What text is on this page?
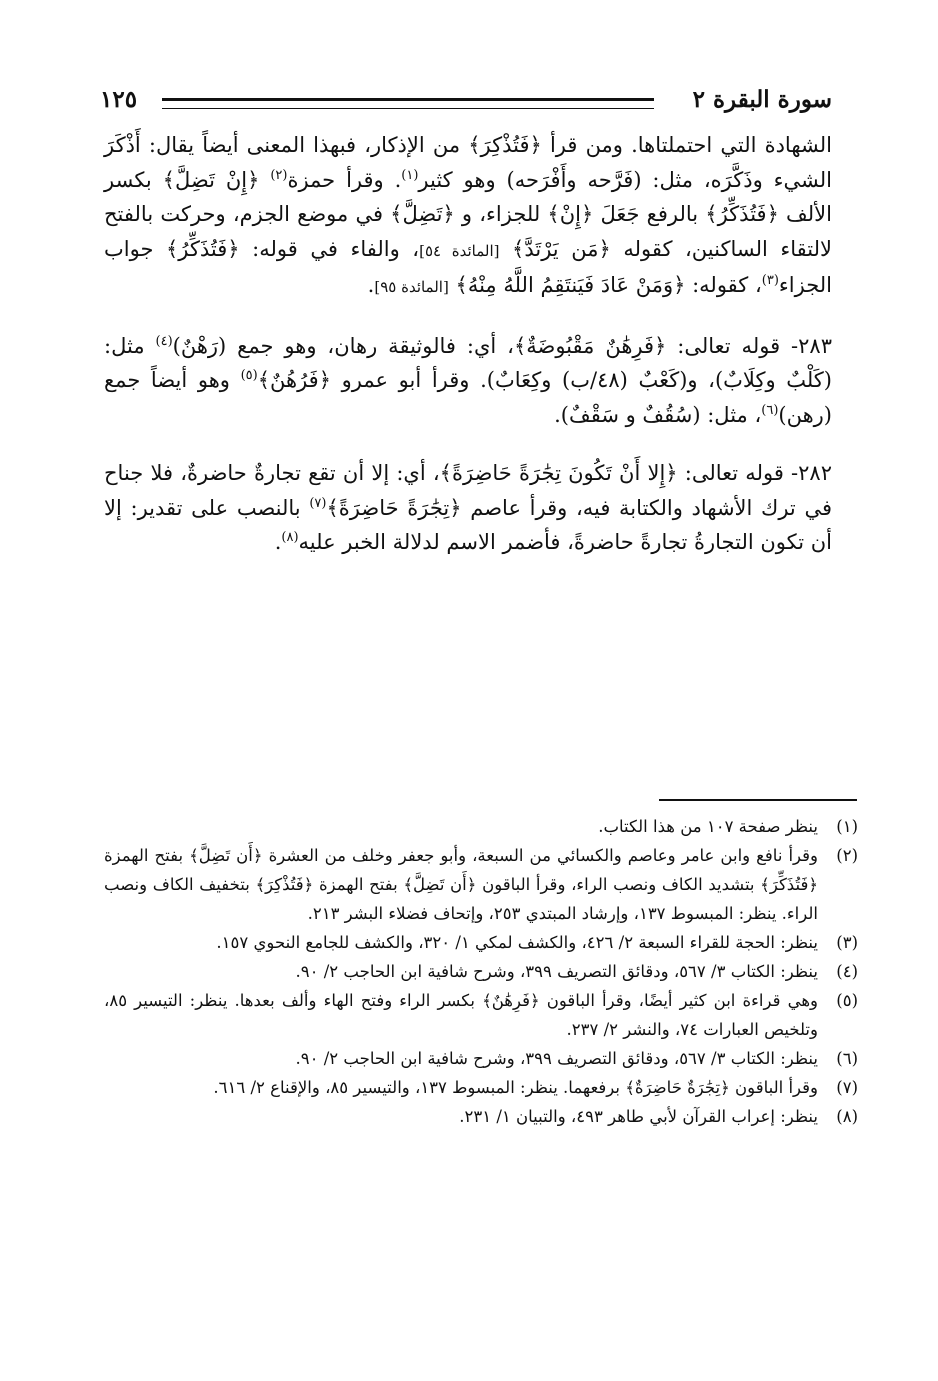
سورة البقرة ٢
١٢٥

الشهادة التي احتملتاها. ومن قرأ ﴿فَتُذْكِرَ﴾ من الإذكار، فبهذا المعنى أيضاً يقال: أَذْكَرَ الشيء وذَكَّرَه، مثل: (فَرَّحه وأَفْرَحه) وهو كثير$^{(١)}$. وقرأ حمزة$^{(٢)}$ ﴿إِنْ تَضِلَّ﴾ بكسر الألف ﴿فَتُذَكِّرُ﴾ بالرفع جَعَلَ ﴿إِنْ﴾ للجزاء، و ﴿تَضِلَّ﴾ في موضع الجزم، وحركت بالفتح لالتقاء الساكنين، كقوله ﴿مَن يَرْتَدَّ﴾ [المائدة ٥٤]، والفاء في قوله: ﴿فَتُذَكِّرُ﴾ جواب الجزاء$^{(٣)}$، كقوله: ﴿وَمَنْ عَادَ فَيَنتَقِمُ اللَّهُ مِنْهُ﴾ [المائدة ٩٥].

٢٨٣- قوله تعالى: ﴿فَرِهَٰنٌ مَقْبُوضَةٌ﴾، أي: فالوثيقة رهان، وهو جمع (رَهْنٌ)$^{(٤)}$ مثل: (كَلْبٌ وكِلَابٌ)، و(كَعْبٌ (٤٨/ب) وكِعَابٌ). وقرأ أبو عمرو ﴿فَرُهُنٌ﴾$^{(٥)}$ وهو أيضاً جمع (رهن)$^{(٦)}$، مثل: (سُقُفٌ و سَقْفٌ).

٢٨٢- قوله تعالى: ﴿إِلا أَنْ تَكُونَ تِجَٰرَةً حَاضِرَةً﴾، أي: إلا أن تقع تجارةٌ حاضرةٌ، فلا جناح في ترك الأشهاد والكتابة فيه، وقرأ عاصم ﴿تِجَٰرَةً حَاضِرَةً﴾$^{(٧)}$ بالنصب على تقدير: إلا أن تكون التجارةُ تجارةً حاضرةً، فأضمر الاسم لدلالة الخبر عليه$^{(٨)}$.

(١)
ينظر صفحة ١٠٧ من هذا الكتاب.
(٢)
وقرأ نافع وابن عامر وعاصم والكسائي من السبعة، وأبو جعفر وخلف من العشرة ﴿أَن تَضِلَّ﴾ بفتح الهمزة ﴿فَتُذَكِّرَ﴾ بتشديد الكاف ونصب الراء، وقرأ الباقون ﴿أَن تَضِلَّ﴾ بفتح الهمزة ﴿فَتُذْكِرَ﴾ بتخفيف الكاف ونصب الراء. ينظر: المبسوط ١٣٧، وإرشاد المبتدي ٢٥٣، وإتحاف فضلاء البشر ٢١٣.
(٣)
ينظر: الحجة للقراء السبعة ٢/ ٤٢٦، والكشف لمكي ١/ ٣٢٠، والكشف للجامع النحوي ١٥٧.
(٤)
ينظر: الكتاب ٣/ ٥٦٧، ودقائق التصريف ٣٩٩، وشرح شافية ابن الحاجب ٢/ ٩٠.
(٥)
وهي قراءة ابن كثير أيضًا، وقرأ الباقون ﴿فَرِهَٰنٌ﴾ بكسر الراء وفتح الهاء وألف بعدها. ينظر: التيسير ٨٥، وتلخيص العبارات ٧٤، والنشر ٢/ ٢٣٧.
(٦)
ينظر: الكتاب ٣/ ٥٦٧، ودقائق التصريف ٣٩٩، وشرح شافية ابن الحاجب ٢/ ٩٠.
(٧)
وقرأ الباقون ﴿تِجَٰرَةٌ حَاضِرَةٌ﴾ برفعهما. ينظر: المبسوط ١٣٧، والتيسير ٨٥، والإقناع ٢/ ٦١٦.
(٨)
ينظر: إعراب القرآن لأبي طاهر ٤٩٣، والتبيان ١/ ٢٣١.
